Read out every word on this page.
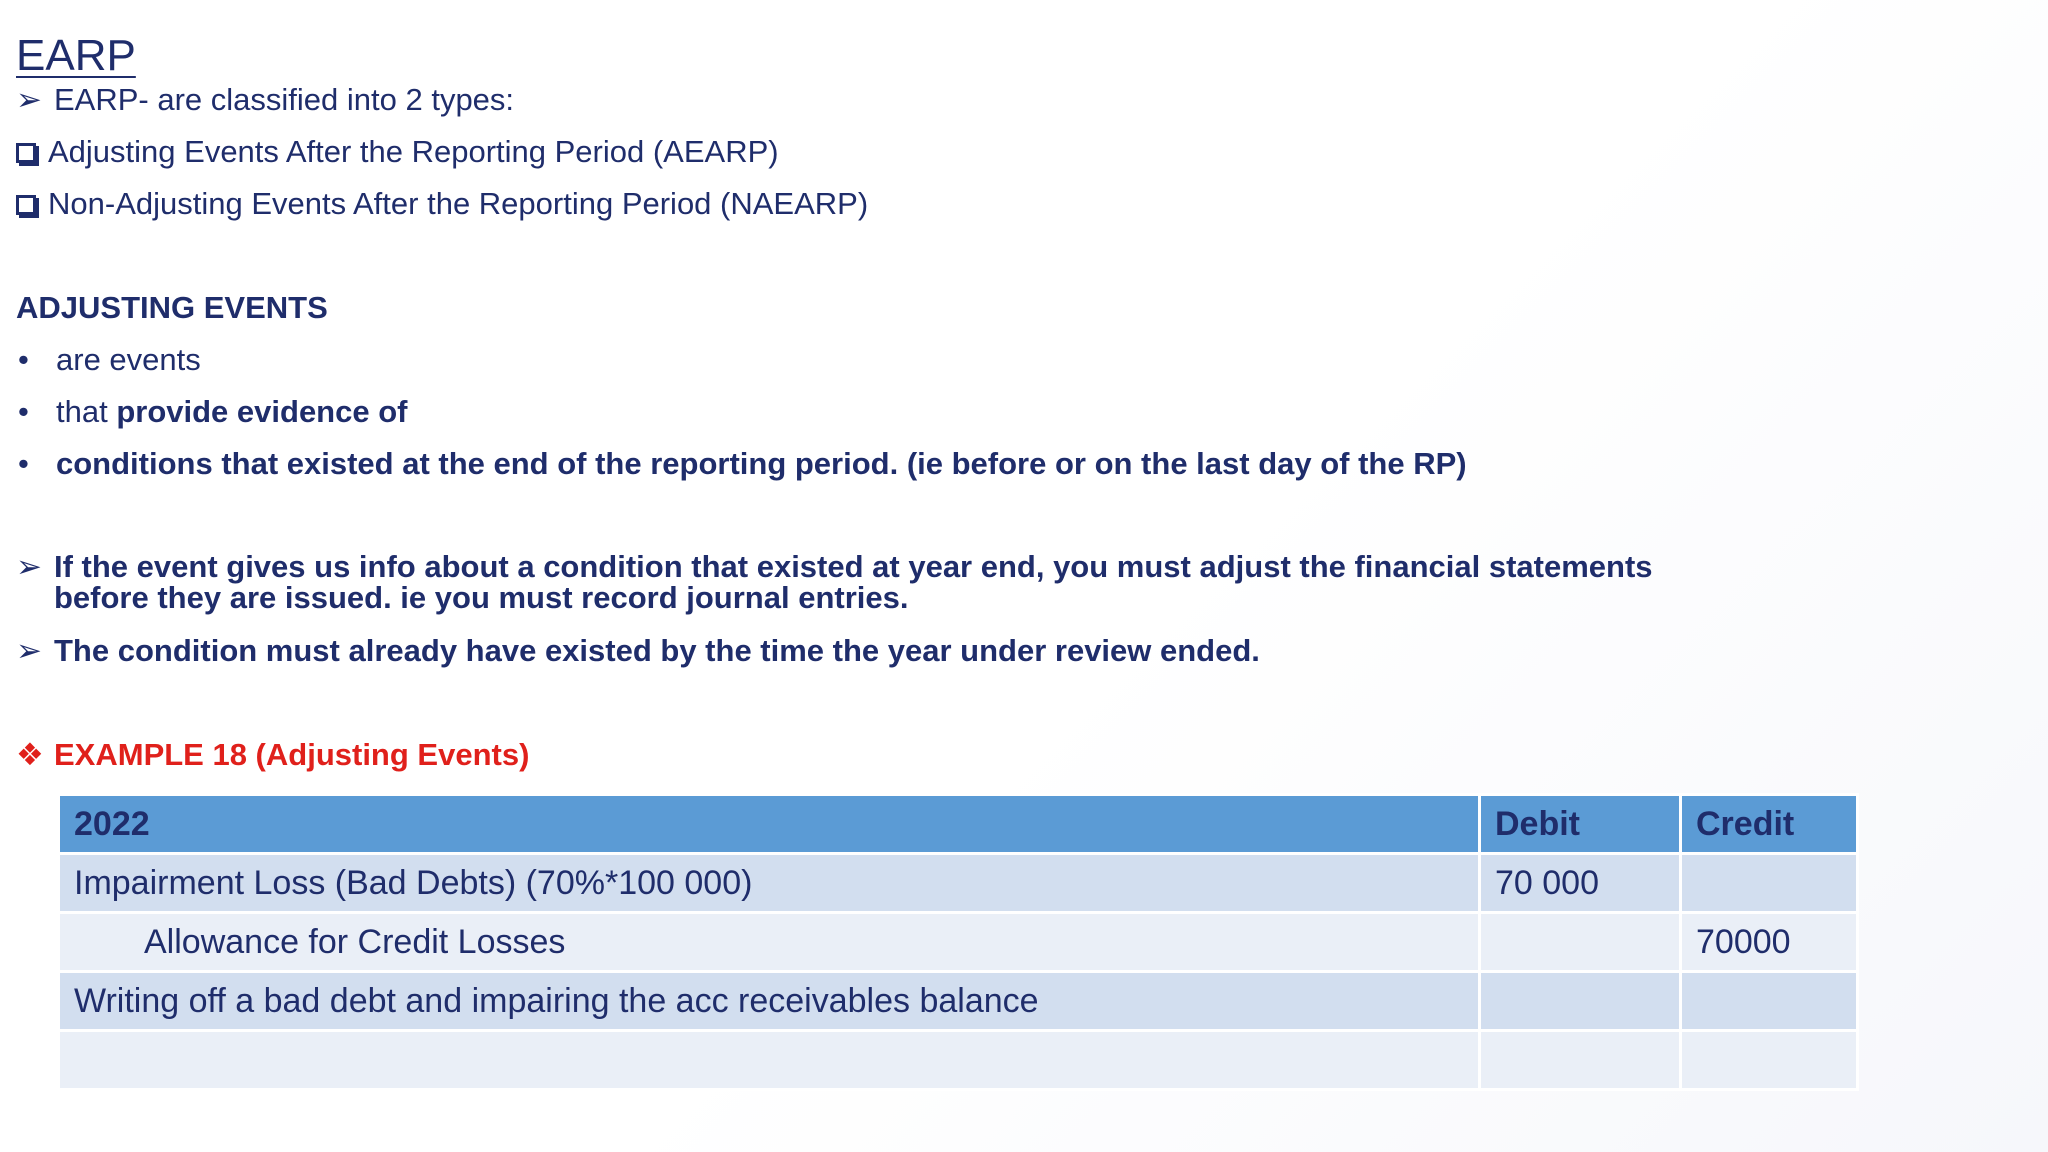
EARP
➢ EARP- are classified into 2 types:
Adjusting Events After the Reporting Period (AEARP)
Non-Adjusting Events After the Reporting Period (NAEARP)
ADJUSTING EVENTS
• are events
• that provide evidence of
• conditions that existed at the end of the reporting period. (ie before or on the last day of the RP)
➢ If the event gives us info about a condition that existed at year end, you must adjust the financial statements before they are issued. ie you must record journal entries.
➢ The condition must already have existed by the time the year under review ended.
❖ EXAMPLE 18 (Adjusting Events)
2022	Debit	Credit
Impairment Loss (Bad Debts) (70%*100 000)	70 000	
Allowance for Credit Losses		70000
Writing off a bad debt and impairing the acc receivables balance		
